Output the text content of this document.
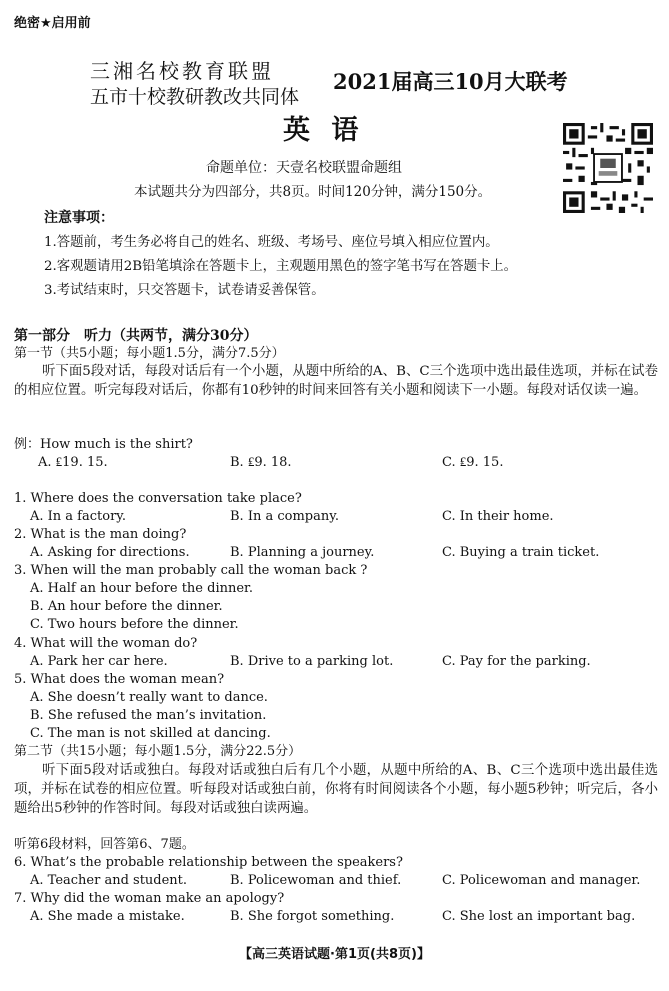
绝密★启用前
三湘名校教育联盟
五市十校教研教改共同体
2021届高三10月大联考
英 语
命题单位：天壹名校联盟命题组
本试题共分为四部分，共8页。时间120分钟，满分150分。
注意事项：
1.答题前，考生务必将自己的姓名、班级、考场号、座位号填入相应位置内。
2.客观题请用2B铅笔填涂在答题卡上，主观题用黑色的签字笔书写在答题卡上。
3.考试结束时，只交答题卡，试卷请妥善保管。
第一部分　听力（共两节，满分30分）
第一节（共5小题；每小题1.5分，满分7.5分）
听下面5段对话，每段对话后有一个小题，从题中所给的A、B、C三个选项中选出最佳选项，并标在试卷的相应位置。听完每段对话后，你都有10秒钟的时间来回答有关小题和阅读下一小题。每段对话仅读一遍。
例：How much is the shirt?
A. ₤19. 15.	B. ₤9. 18.	C. ₤9. 15.
1. Where does the conversation take place?
A. In a factory.	B. In a company.	C. In their home.
2. What is the man doing?
A. Asking for directions.	B. Planning a journey.	C. Buying a train ticket.
3. When will the man probably call the woman back ?
A. Half an hour before the dinner.
B. An hour before the dinner.
C. Two hours before the dinner.
4. What will the woman do?
A. Park her car here.	B. Drive to a parking lot.	C. Pay for the parking.
5. What does the woman mean?
A. She doesn’t really want to dance.
B. She refused the man’s invitation.
C. The man is not skilled at dancing.
第二节（共15小题；每小题1.5分，满分22.5分）
听下面5段对话或独白。每段对话或独白后有几个小题，从题中所给的A、B、C三个选项中选出最佳选项，并标在试卷的相应位置。听每段对话或独白前，你将有时间阅读各个小题，每小题5秒钟；听完后，各小题给出5秒钟的作答时间。每段对话或独白读两遍。
听第6段材料，回答第6、7题。
6. What’s the probable relationship between the speakers?
A. Teacher and student.	B. Policewoman and thief.	C. Policewoman and manager.
7. Why did the woman make an apology?
A. She made a mistake.	B. She forgot something.	C. She lost an important bag.
【高三英语试题·第1页(共8页)】
